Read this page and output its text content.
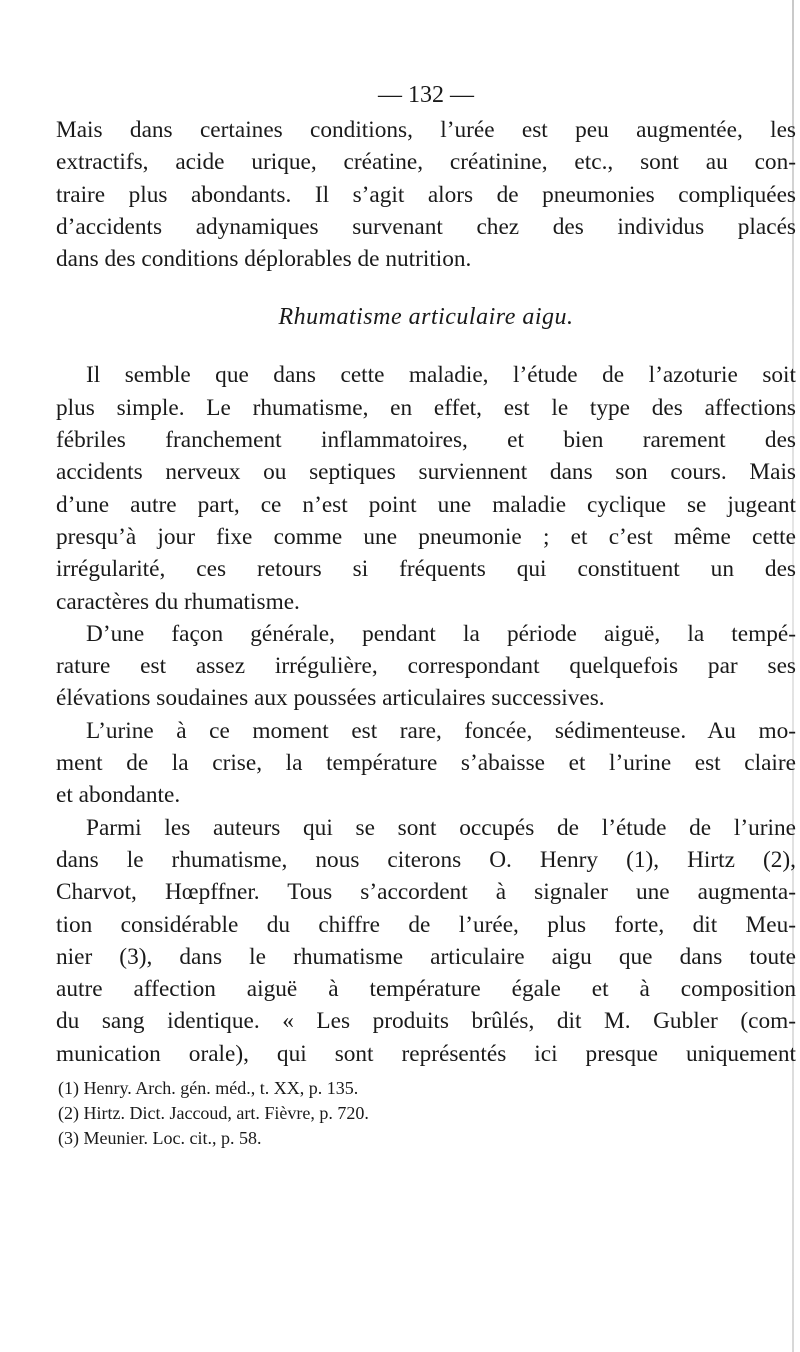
— 132 —

Mais dans certaines conditions, l’urée est peu augmentée, les
extractifs, acide urique, créatine, créatinine, etc., sont au con-
traire plus abondants. Il s’agit alors de pneumonies compliquées
d’accidents adynamiques survenant chez des individus placés
dans des conditions déplorables de nutrition.

Rhumatisme articulaire aigu.

Il semble que dans cette maladie, l’étude de l’azoturie soit
plus simple. Le rhumatisme, en effet, est le type des affections
fébriles franchement inflammatoires, et bien rarement des
accidents nerveux ou septiques surviennent dans son cours. Mais
d’une autre part, ce n’est point une maladie cyclique se jugeant
presqu’à jour fixe comme une pneumonie ; et c’est même cette
irrégularité, ces retours si fréquents qui constituent un des
caractères du rhumatisme.

D’une façon générale, pendant la période aiguë, la tempé-
rature est assez irrégulière, correspondant quelquefois par ses
élévations soudaines aux poussées articulaires successives.

L’urine à ce moment est rare, foncée, sédimenteuse. Au mo-
ment de la crise, la température s’abaisse et l’urine est claire
et abondante.

Parmi les auteurs qui se sont occupés de l’étude de l’urine
dans le rhumatisme, nous citerons O. Henry (1), Hirtz (2),
Charvot, Hœpffner. Tous s’accordent à signaler une augmenta-
tion considérable du chiffre de l’urée, plus forte, dit Meu-
nier (3), dans le rhumatisme articulaire aigu que dans toute
autre affection aiguë à température égale et à composition
du sang identique. « Les produits brûlés, dit M. Gubler (com-
munication orale), qui sont représentés ici presque uniquement

(1) Henry. Arch. gén. méd., t. XX, p. 135.
(2) Hirtz. Dict. Jaccoud, art. Fièvre, p. 720.
(3) Meunier. Loc. cit., p. 58.
